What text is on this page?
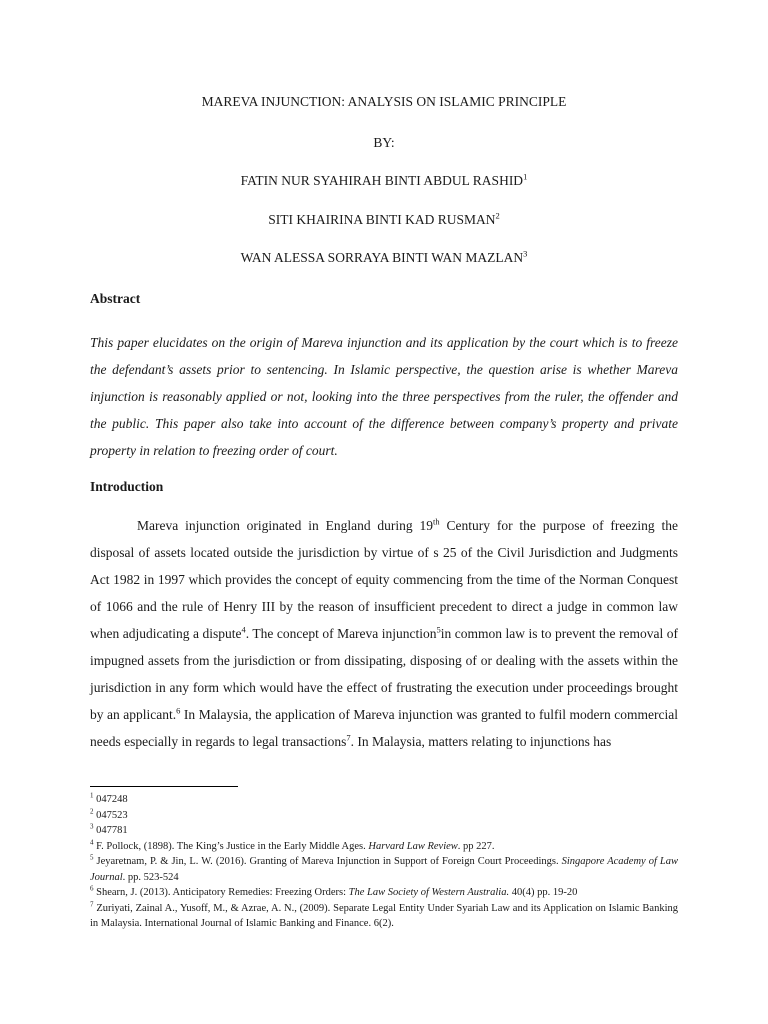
MAREVA INJUNCTION: ANALYSIS ON ISLAMIC PRINCIPLE
BY:
FATIN NUR SYAHIRAH BINTI ABDUL RASHID$^1$
SITI KHAIRINA BINTI KAD RUSMAN$^2$
WAN ALESSA SORRAYA BINTI WAN MAZLAN$^3$
Abstract

This paper elucidates on the origin of Mareva injunction and its application by the court which is to freeze the defendant’s assets prior to sentencing. In Islamic perspective, the question arise is whether Mareva injunction is reasonably applied or not, looking into the three perspectives from the ruler, the offender and the public. This paper also take into account of the difference between company’s property and private property in relation to freezing order of court.

Introduction

Mareva injunction originated in England during 19th Century for the purpose of freezing the disposal of assets located outside the jurisdiction by virtue of s 25 of the Civil Jurisdiction and Judgments Act 1982 in 1997 which provides the concept of equity commencing from the time of the Norman Conquest of 1066 and the rule of Henry III by the reason of insufficient precedent to direct a judge in common law when adjudicating a dispute$^4$. The concept of Mareva injunction$^5$in common law is to prevent the removal of impugned assets from the jurisdiction or from dissipating, disposing of or dealing with the assets within the jurisdiction in any form which would have the effect of frustrating the execution under proceedings brought by an applicant.$^6$ In Malaysia, the application of Mareva injunction was granted to fulfil modern commercial needs especially in regards to legal transactions$^7$. In Malaysia, matters relating to injunctions has

$^1$ 047248

$^2$ 047523

$^3$ 047781

$^4$ F. Pollock, (1898). The King’s Justice in the Early Middle Ages. Harvard Law Review. pp 227.

$^5$ Jeyaretnam, P. & Jin, L. W. (2016). Granting of Mareva Injunction in Support of Foreign Court Proceedings. Singapore Academy of Law Journal. pp. 523-524

$^6$ Shearn, J. (2013). Anticipatory Remedies: Freezing Orders: The Law Society of Western Australia. 40(4) pp. 19-20

$^7$ Zuriyati, Zainal A., Yusoff, M., & Azrae, A. N., (2009). Separate Legal Entity Under Syariah Law and its Application on Islamic Banking in Malaysia. International Journal of Islamic Banking and Finance. 6(2).
